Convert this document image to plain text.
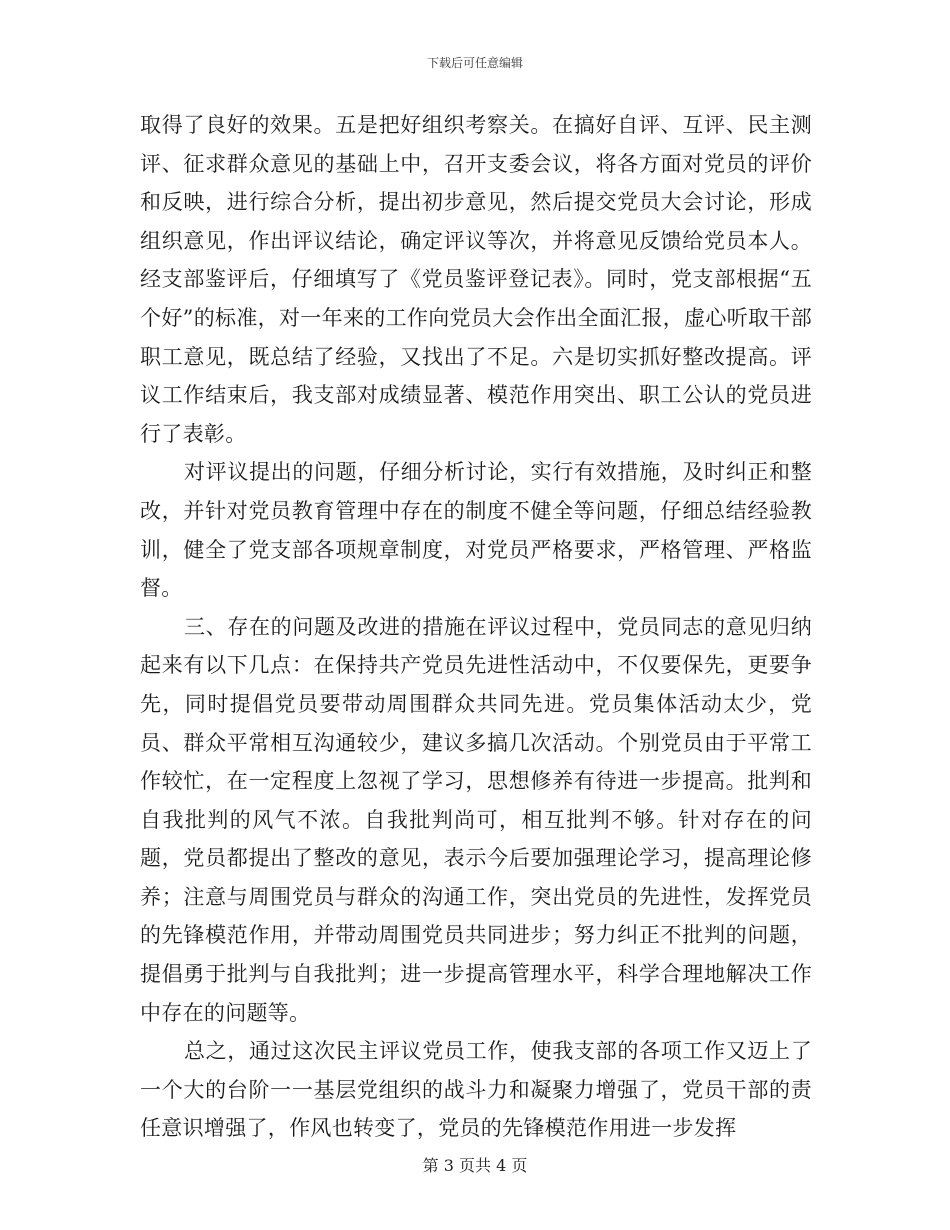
下载后可任意编辑

取得了良好的效果。五是把好组织考察关。在搞好自评、互评、民主测评、征求群众意见的基础上中，召开支委会议，将各方面对党员的评价和反映，进行综合分析，提出初步意见，然后提交党员大会讨论，形成组织意见，作出评议结论，确定评议等次，并将意见反馈给党员本人。经支部鉴评后，仔细填写了《党员鉴评登记表》。同时，党支部根据“五个好”的标准，对一年来的工作向党员大会作出全面汇报，虚心听取干部职工意见，既总结了经验，又找出了不足。六是切实抓好整改提高。评议工作结束后，我支部对成绩显著、模范作用突出、职工公认的党员进行了表彰。

对评议提出的问题，仔细分析讨论，实行有效措施，及时纠正和整改，并针对党员教育管理中存在的制度不健全等问题，仔细总结经验教训，健全了党支部各项规章制度，对党员严格要求，严格管理、严格监督。

三、存在的问题及改进的措施在评议过程中，党员同志的意见归纳起来有以下几点：在保持共产党员先进性活动中，不仅要保先，更要争先，同时提倡党员要带动周围群众共同先进。党员集体活动太少，党员、群众平常相互沟通较少，建议多搞几次活动。个别党员由于平常工作较忙，在一定程度上忽视了学习，思想修养有待进一步提高。批判和自我批判的风气不浓。自我批判尚可，相互批判不够。针对存在的问题，党员都提出了整改的意见，表示今后要加强理论学习，提高理论修养；注意与周围党员与群众的沟通工作，突出党员的先进性，发挥党员的先锋模范作用，并带动周围党员共同进步；努力纠正不批判的问题，提倡勇于批判与自我批判；进一步提高管理水平，科学合理地解决工作中存在的问题等。

总之，通过这次民主评议党员工作，使我支部的各项工作又迈上了一个大的台阶一一基层党组织的战斗力和凝聚力增强了，党员干部的责任意识增强了，作风也转变了，党员的先锋模范作用进一步发挥

第 3 页共 4 页
